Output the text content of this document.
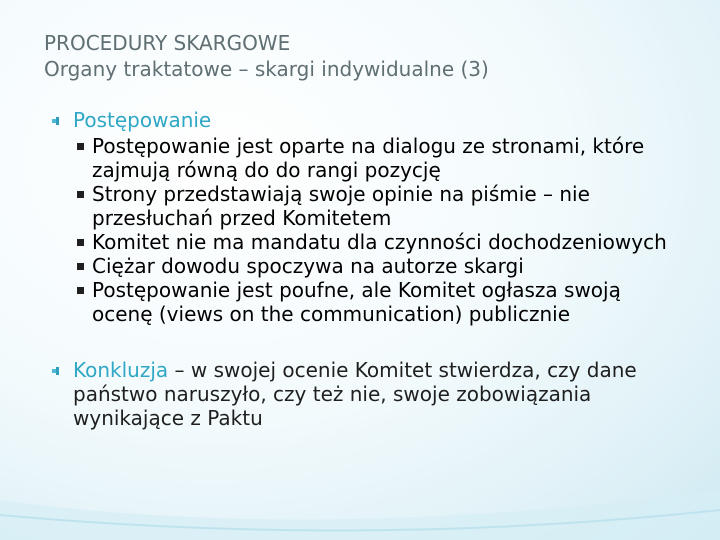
PROCEDURY SKARGOWE
Organy traktatowe – skargi indywidualne (3)
Postępowanie
Postępowanie jest oparte na dialogu ze stronami, które zajmują równą do do rangi pozycję
Strony przedstawiają swoje opinie na piśmie – nie przesłuchań przed Komitetem
Komitet nie ma mandatu dla czynności dochodzeniowych
Ciężar dowodu spoczywa na autorze skargi
Postępowanie jest poufne, ale Komitet ogłasza swoją ocenę (views on the communication) publicznie
Konkluzja – w swojej ocenie Komitet stwierdza, czy dane państwo naruszyło, czy też nie, swoje zobowiązania wynikające z Paktu
